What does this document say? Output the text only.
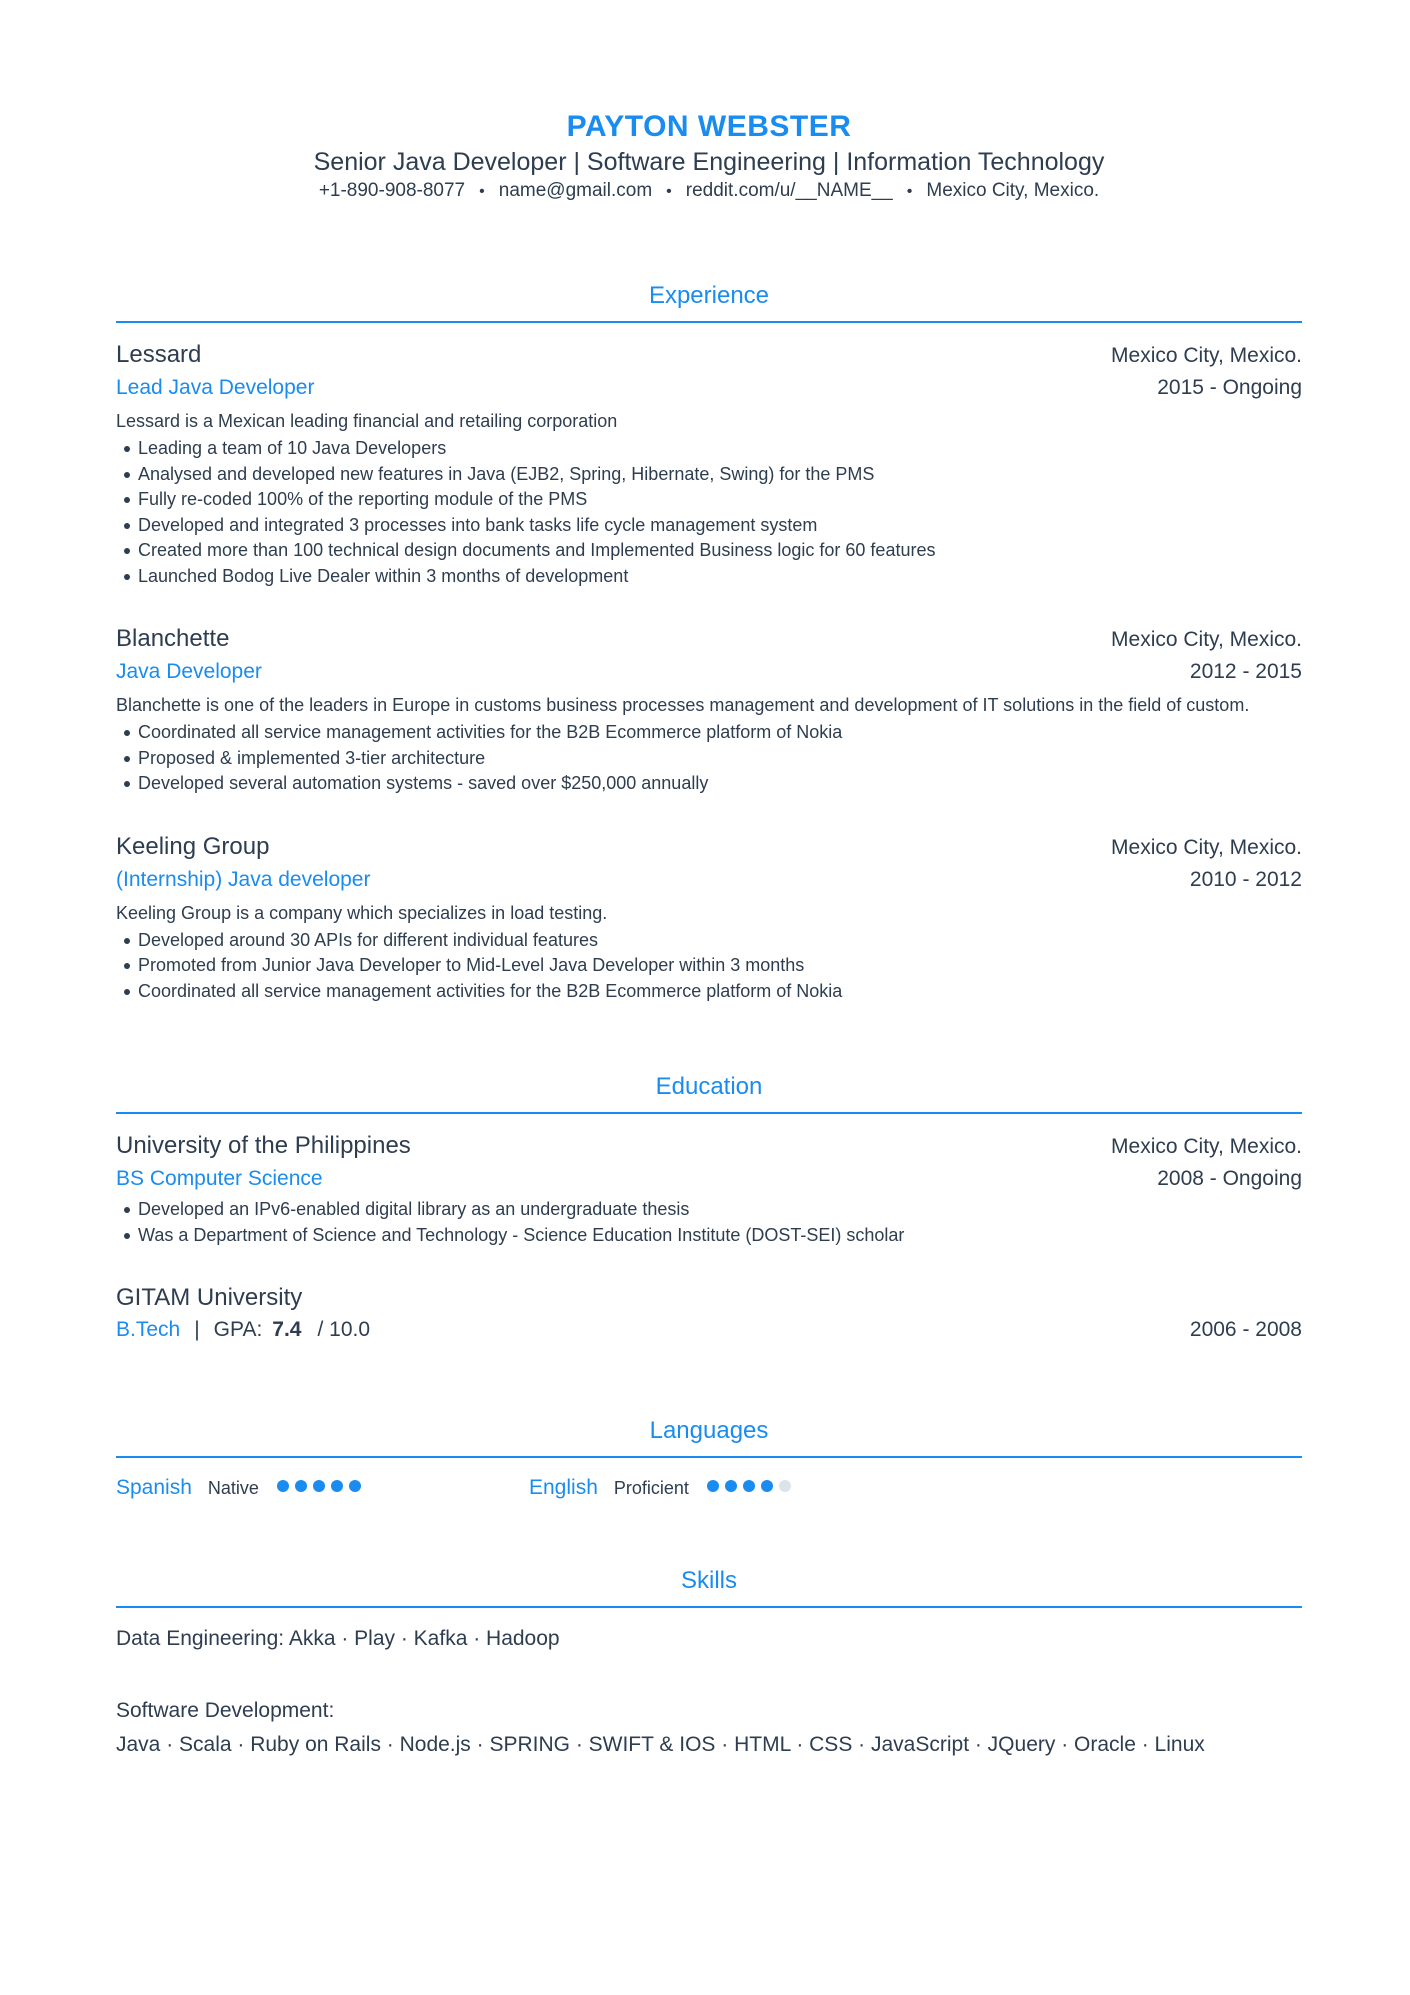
PAYTON WEBSTER
Senior Java Developer | Software Engineering | Information Technology
+1-890-908-8077 • name@gmail.com • reddit.com/u/__NAME__ • Mexico City, Mexico.
Experience
Lessard	Mexico City, Mexico.
Lead Java Developer	2015 - Ongoing
Lessard is a Mexican leading financial and retailing corporation
Leading a team of 10 Java Developers
Analysed and developed new features in Java (EJB2, Spring, Hibernate, Swing) for the PMS
Fully re-coded 100% of the reporting module of the PMS
Developed and integrated 3 processes into bank tasks life cycle management system
Created more than 100 technical design documents and Implemented Business logic for 60 features
Launched Bodog Live Dealer within 3 months of development
Blanchette	Mexico City, Mexico.
Java Developer	2012 - 2015
Blanchette is one of the leaders in Europe in customs business processes management and development of IT solutions in the field of custom.
Coordinated all service management activities for the B2B Ecommerce platform of Nokia
Proposed & implemented 3-tier architecture
Developed several automation systems - saved over $250,000 annually
Keeling Group	Mexico City, Mexico.
(Internship) Java developer	2010 - 2012
Keeling Group is a company which specializes in load testing.
Developed around 30 APIs for different individual features
Promoted from Junior Java Developer to Mid-Level Java Developer within 3 months
Coordinated all service management activities for the B2B Ecommerce platform of Nokia
Education
University of the Philippines	Mexico City, Mexico.
BS Computer Science	2008 - Ongoing
Developed an IPv6-enabled digital library as an undergraduate thesis
Was a Department of Science and Technology - Science Education Institute (DOST-SEI) scholar
GITAM University
B.Tech | GPA: 7.4 / 10.0	2006 - 2008
Languages
Spanish Native	English Proficient
Skills
Data Engineering: Akka · Play · Kafka · Hadoop
Software Development:
Java · Scala · Ruby on Rails · Node.js · SPRING · SWIFT & IOS · HTML · CSS · JavaScript · JQuery · Oracle · Linux
